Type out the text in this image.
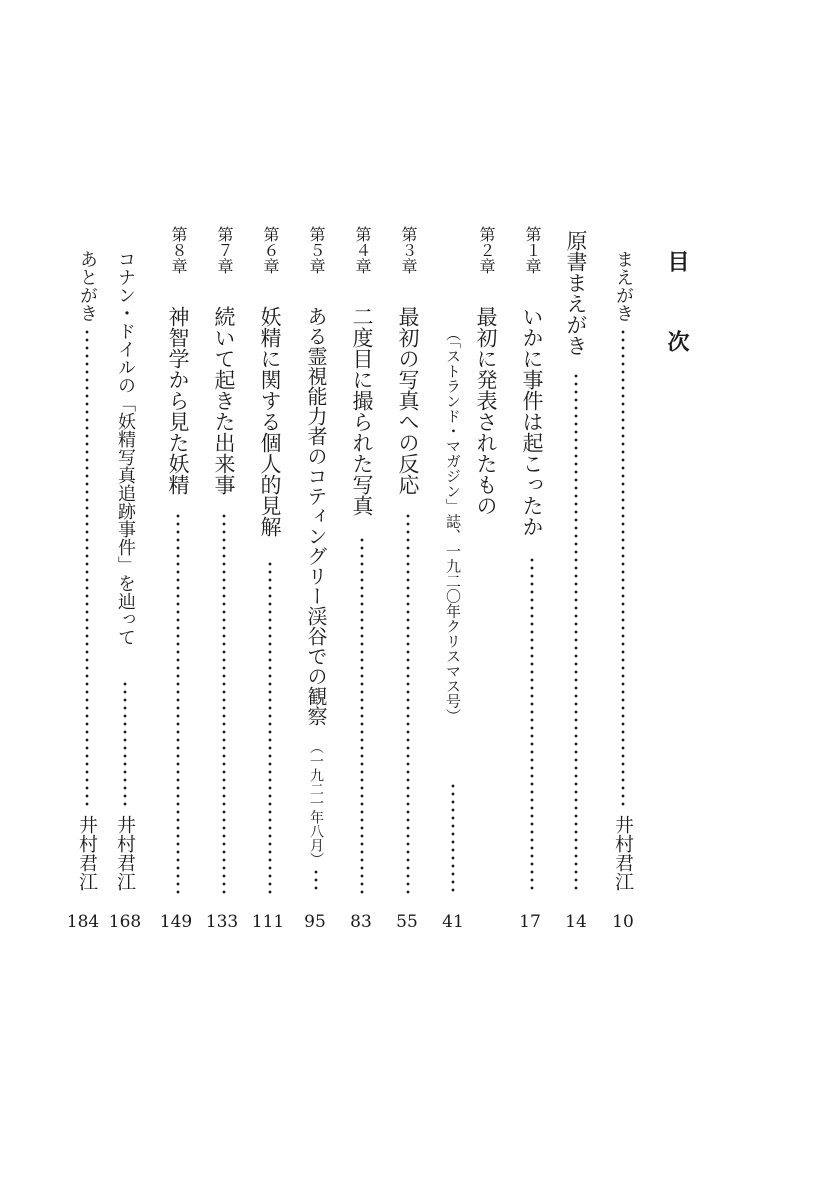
目　次
まえがき
井村君江
10
原書まえがき
14
第１章
いかに事件は起こったか
17
第２章
最初に発表されたもの
（「ストランド・マガジン」誌、一九二〇年クリスマス号）
41
第３章
最初の写真への反応
55
第４章
二度目に撮られた写真
83
第５章
ある霊視能力者のコティングリー渓谷での観察
（一九二一年八月）
95
第６章
妖精に関する個人的見解
111
第７章
続いて起きた出来事
133
第８章
神智学から見た妖精
149
コナン・ドイルの「妖精写真追跡事件」を辿って
井村君江
168
あとがき
井村君江
184
